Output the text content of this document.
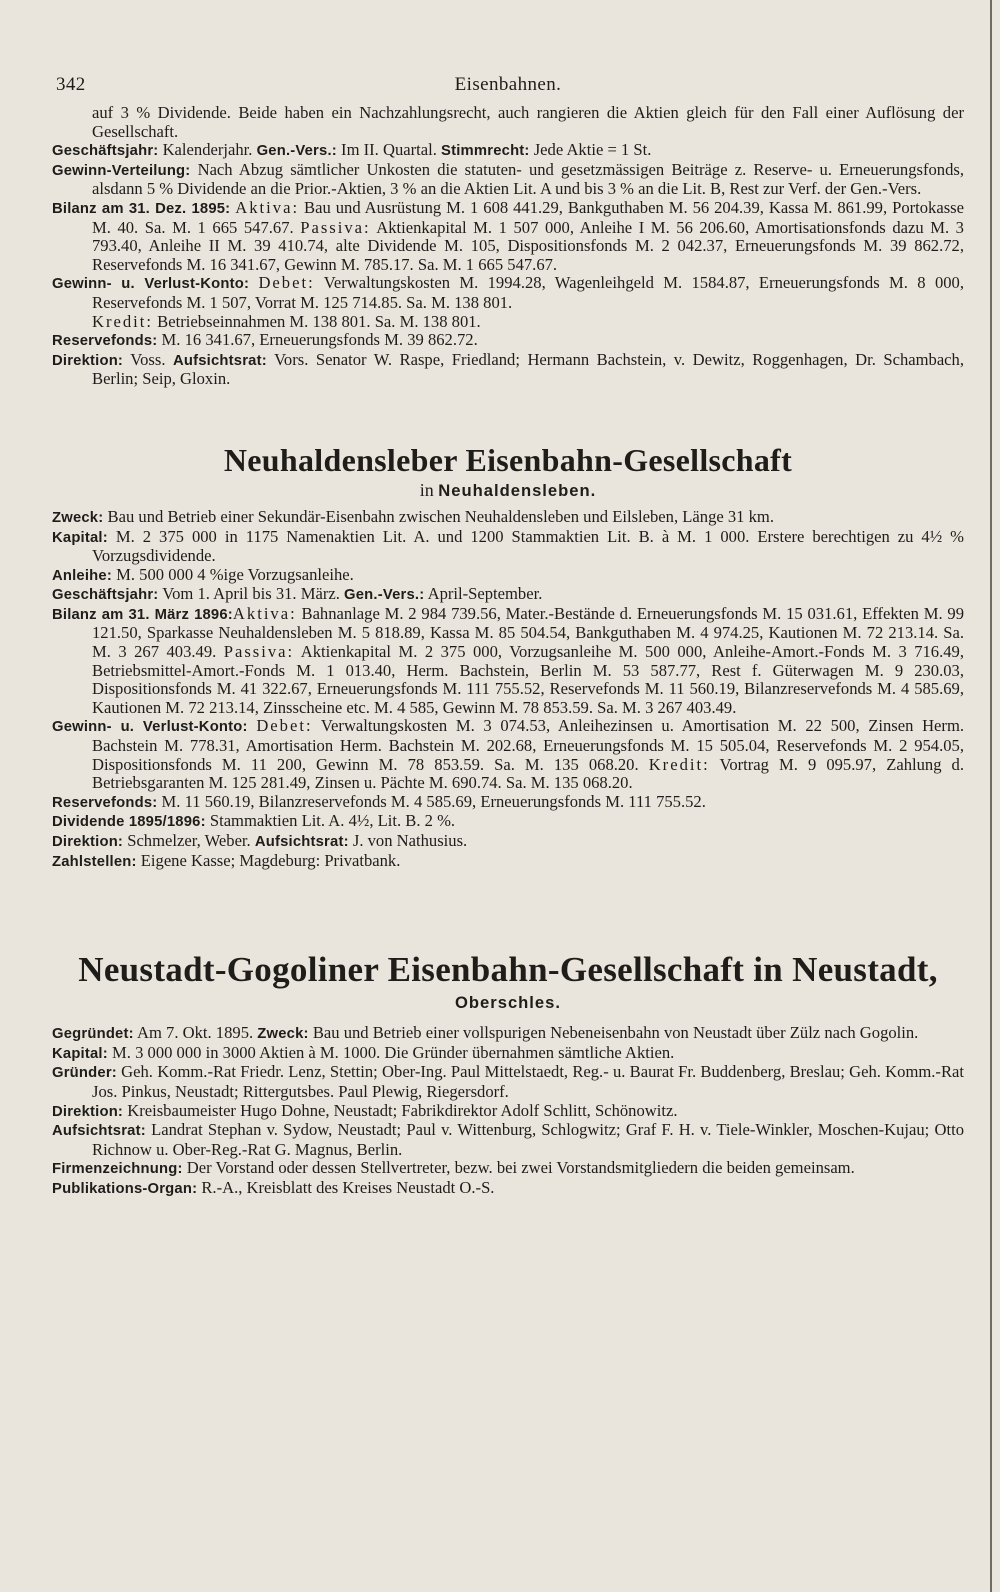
342	Eisenbahnen.

auf 3 % Dividende. Beide haben ein Nachzahlungsrecht, auch rangieren die Aktien gleich für den Fall einer Auflösung der Gesellschaft.

Geschäftsjahr: Kalenderjahr. Gen.-Vers.: Im II. Quartal. Stimmrecht: Jede Aktie = 1 St.

Gewinn-Verteilung: Nach Abzug sämtlicher Unkosten die statuten- und gesetzmässigen Beiträge z. Reserve- u. Erneuerungsfonds, alsdann 5 % Dividende an die Prior.-Aktien, 3 % an die Aktien Lit. A und bis 3 % an die Lit. B, Rest zur Verf. der Gen.-Vers.

Bilanz am 31. Dez. 1895: Aktiva: Bau und Ausrüstung M. 1 608 441.29, Bankguthaben M. 56 204.39, Kassa M. 861.99, Portokasse M. 40. Sa. M. 1 665 547.67. Passiva: Aktienkapital M. 1 507 000, Anleihe I M. 56 206.60, Amortisationsfonds dazu M. 3 793.40, Anleihe II M. 39 410.74, alte Dividende M. 105, Dispositionsfonds M. 2 042.37, Erneuerungsfonds M. 39 862.72, Reservefonds M. 16 341.67, Gewinn M. 785.17. Sa. M. 1 665 547.67.

Gewinn- u. Verlust-Konto: Debet: Verwaltungskosten M. 1994.28, Wagenleihgeld M. 1584.87, Erneuerungsfonds M. 8 000, Reservefonds M. 1 507, Vorrat M. 125 714.85. Sa. M. 138 801.
Kredit: Betriebseinnahmen M. 138 801. Sa. M. 138 801.

Reservefonds: M. 16 341.67, Erneuerungsfonds M. 39 862.72.

Direktion: Voss. Aufsichtsrat: Vors. Senator W. Raspe, Friedland; Hermann Bachstein, v. Dewitz, Roggenhagen, Dr. Schambach, Berlin; Seip, Gloxin.

Neuhaldensleber Eisenbahn-Gesellschaft

in Neuhaldensleben.

Zweck: Bau und Betrieb einer Sekundär-Eisenbahn zwischen Neuhaldensleben und Eilsleben, Länge 31 km.

Kapital: M. 2 375 000 in 1175 Namenaktien Lit. A. und 1200 Stammaktien Lit. B. à M. 1 000. Erstere berechtigen zu 4½ % Vorzugsdividende.

Anleihe: M. 500 000 4 %ige Vorzugsanleihe.

Geschäftsjahr: Vom 1. April bis 31. März. Gen.-Vers.: April-September.

Bilanz am 31. März 1896:Aktiva: Bahnanlage M. 2 984 739.56, Mater.-Bestände d. Erneuerungsfonds M. 15 031.61, Effekten M. 99 121.50, Sparkasse Neuhaldensleben M. 5 818.89, Kassa M. 85 504.54, Bankguthaben M. 4 974.25, Kautionen M. 72 213.14. Sa. M. 3 267 403.49. Passiva: Aktienkapital M. 2 375 000, Vorzugsanleihe M. 500 000, Anleihe-Amort.-Fonds M. 3 716.49, Betriebsmittel-Amort.-Fonds M. 1 013.40, Herm. Bachstein, Berlin M. 53 587.77, Rest f. Güterwagen M. 9 230.03, Dispositionsfonds M. 41 322.67, Erneuerungsfonds M. 111 755.52, Reservefonds M. 11 560.19, Bilanzreservefonds M. 4 585.69, Kautionen M. 72 213.14, Zinsscheine etc. M. 4 585, Gewinn M. 78 853.59. Sa. M. 3 267 403.49.

Gewinn- u. Verlust-Konto: Debet: Verwaltungskosten M. 3 074.53, Anleihezinsen u. Amortisation M. 22 500, Zinsen Herm. Bachstein M. 778.31, Amortisation Herm. Bachstein M. 202.68, Erneuerungsfonds M. 15 505.04, Reservefonds M. 2 954.05, Dispositionsfonds M. 11 200, Gewinn M. 78 853.59. Sa. M. 135 068.20. Kredit: Vortrag M. 9 095.97, Zahlung d. Betriebsgaranten M. 125 281.49, Zinsen u. Pächte M. 690.74. Sa. M. 135 068.20.

Reservefonds: M. 11 560.19, Bilanzreservefonds M. 4 585.69, Erneuerungsfonds M. 111 755.52.

Dividende 1895/1896: Stammaktien Lit. A. 4½, Lit. B. 2 %.

Direktion: Schmelzer, Weber. Aufsichtsrat: J. von Nathusius.

Zahlstellen: Eigene Kasse; Magdeburg: Privatbank.

Neustadt-Gogoliner Eisenbahn-Gesellschaft in Neustadt,

Oberschles.

Gegründet: Am 7. Okt. 1895. Zweck: Bau und Betrieb einer vollspurigen Nebeneisenbahn von Neustadt über Zülz nach Gogolin.

Kapital: M. 3 000 000 in 3000 Aktien à M. 1000. Die Gründer übernahmen sämtliche Aktien.

Gründer: Geh. Komm.-Rat Friedr. Lenz, Stettin; Ober-Ing. Paul Mittelstaedt, Reg.- u. Baurat Fr. Buddenberg, Breslau; Geh. Komm.-Rat Jos. Pinkus, Neustadt; Rittergutsbes. Paul Plewig, Riegersdorf.

Direktion: Kreisbaumeister Hugo Dohne, Neustadt; Fabrikdirektor Adolf Schlitt, Schönowitz.

Aufsichtsrat: Landrat Stephan v. Sydow, Neustadt; Paul v. Wittenburg, Schlogwitz; Graf F. H. v. Tiele-Winkler, Moschen-Kujau; Otto Richnow u. Ober-Reg.-Rat G. Magnus, Berlin.

Firmenzeichnung: Der Vorstand oder dessen Stellvertreter, bezw. bei zwei Vorstandsmitgliedern die beiden gemeinsam.

Publikations-Organ: R.-A., Kreisblatt des Kreises Neustadt O.-S.
